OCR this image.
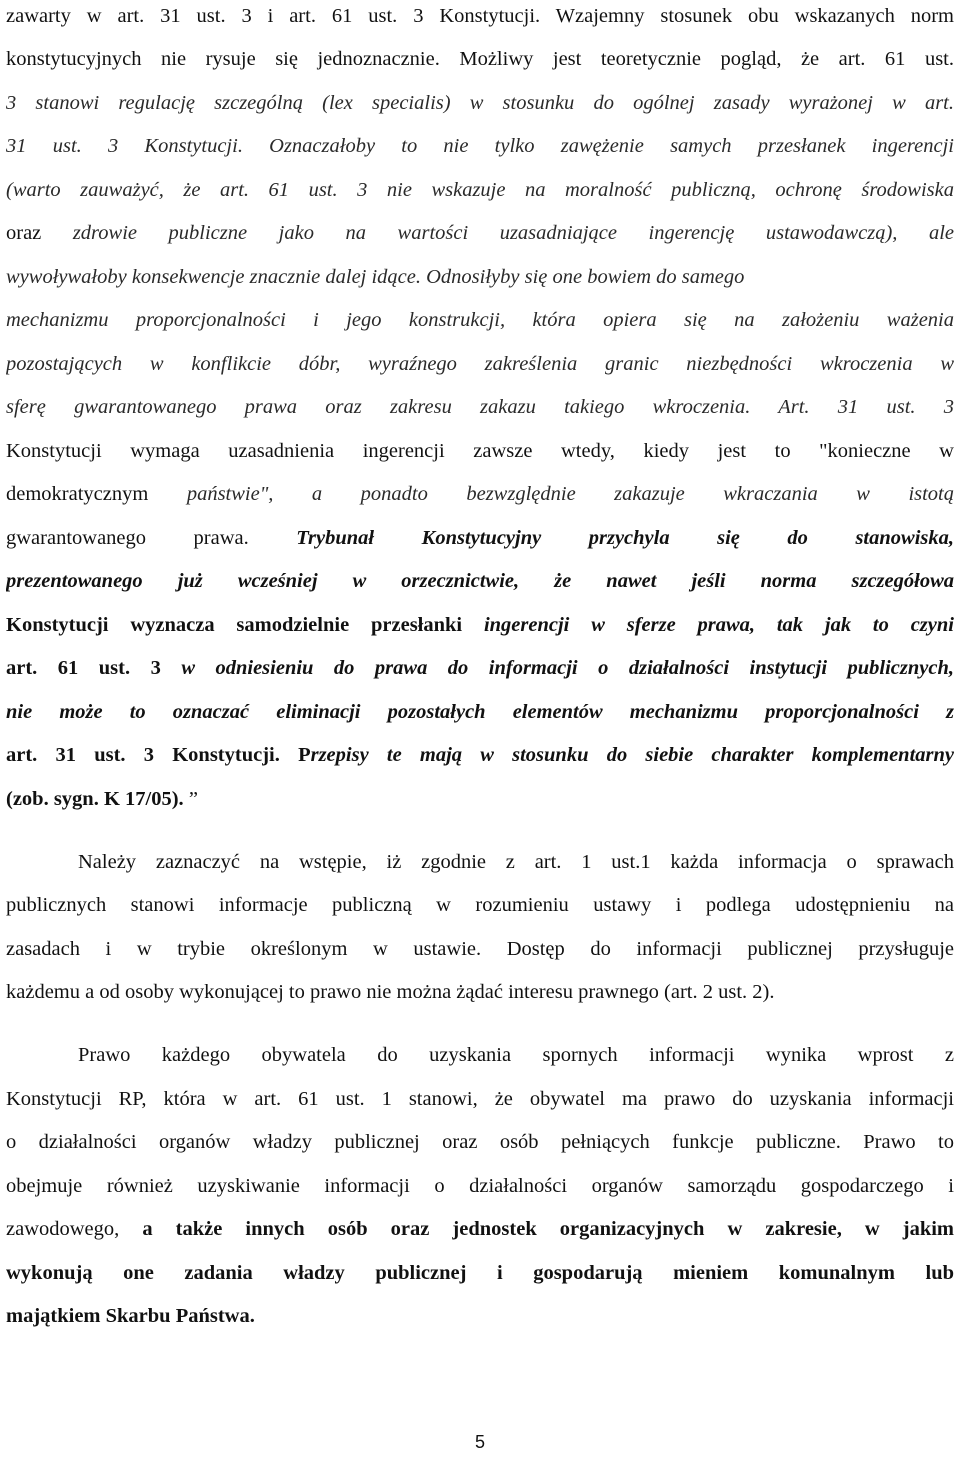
zawarty w art. 31 ust. 3 i art. 61 ust. 3 Konstytucji. Wzajemny stosunek obu wskazanych norm
konstytucyjnych nie rysuje się jednoznacznie. Możliwy jest teoretycznie pogląd, że art. 61 ust.
3 stanowi regulację szczególną (lex specialis) w stosunku do ogólnej zasady wyrażonej w art.
31 ust. 3 Konstytucji. Oznaczałoby to nie tylko zawężenie samych przesłanek ingerencji
(warto zauważyć, że art. 61 ust. 3 nie wskazuje na moralność publiczną, ochronę środowiska
oraz zdrowie publiczne jako na wartości uzasadniające ingerencję ustawodawczą), ale
wywoływałoby konsekwencje znacznie dalej idące. Odnosiłyby się one bowiem do samego
mechanizmu proporcjonalności i jego konstrukcji, która opiera się na założeniu ważenia
pozostających w konflikcie dóbr, wyraźnego zakreślenia granic niezbędności wkroczenia w
sferę gwarantowanego prawa oraz zakresu zakazu takiego wkroczenia. Art. 31 ust. 3
Konstytucji wymaga uzasadnienia ingerencji zawsze wtedy, kiedy jest to "konieczne w
demokratycznym państwie", a ponadto bezwzględnie zakazuje wkraczania w istotą
gwarantowanego prawa. Trybunał Konstytucyjny przychyla się do stanowiska,
prezentowanego już wcześniej w orzecznictwie, że nawet jeśli norma szczegółowa
Konstytucji wyznacza samodzielnie przesłanki ingerencji w sferze prawa, tak jak to czyni
art. 61 ust. 3 w odniesieniu do prawa do informacji o działalności instytucji publicznych,
nie może to oznaczać eliminacji pozostałych elementów mechanizmu proporcjonalności z
art. 31 ust. 3 Konstytucji. Przepisy te mają w stosunku do siebie charakter komplementarny
(zob. sygn. K 17/05). ”
Należy zaznaczyć na wstępie, iż zgodnie z art. 1 ust.1 każda informacja o sprawach
publicznych stanowi informacje publiczną w rozumieniu ustawy i podlega udostępnieniu na
zasadach i w trybie określonym w ustawie. Dostęp do informacji publicznej przysługuje
każdemu a od osoby wykonującej to prawo nie można żądać interesu prawnego (art. 2 ust. 2).
Prawo każdego obywatela do uzyskania spornych informacji wynika wprost z
Konstytucji RP, która w art. 61 ust. 1 stanowi, że obywatel ma prawo do uzyskania informacji
o działalności organów władzy publicznej oraz osób pełniących funkcje publiczne. Prawo to
obejmuje również uzyskiwanie informacji o działalności organów samorządu gospodarczego i
zawodowego, a także innych osób oraz jednostek organizacyjnych w zakresie, w jakim
wykonują one zadania władzy publicznej i gospodarują mieniem komunalnym lub
majątkiem Skarbu Państwa.
5
